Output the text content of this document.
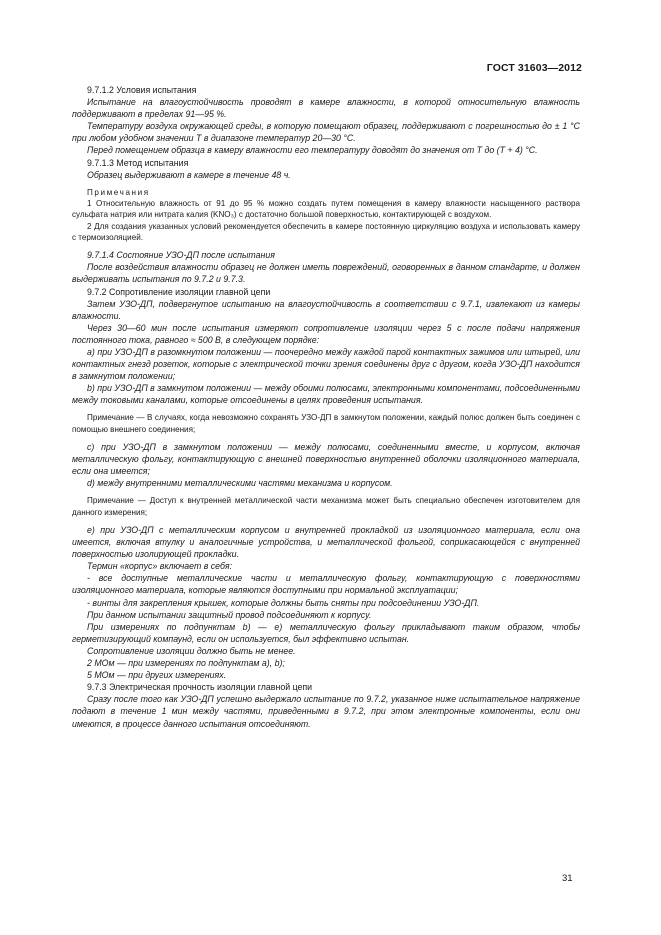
ГОСТ 31603—2012

9.7.1.2 Условия испытания

Испытание на влагоустойчивость проводят в камере влажности, в которой относительную влажность поддерживают в пределах 91—95 %.

Температуру воздуха окружающей среды, в которую помещают образец, поддерживают с погрешностью до ± 1 °С при любом удобном значении Т в диапазоне температур 20—30 °С.

Перед помещением образца в камеру влажности его температуру доводят до значения от Т до (Т + 4) °С.

9.7.1.3 Метод испытания

Образец выдерживают в камере в течение 48 ч.

Примечания

1 Относительную влажность от 91 до 95 % можно создать путем помещения в камеру влажности насыщенного раствора сульфата натрия или нитрата калия (KNO₃) с достаточно большой поверхностью, контактирующей с воздухом.

2 Для создания указанных условий рекомендуется обеспечить в камере постоянную циркуляцию воздуха и использовать камеру с термоизоляцией.

9.7.1.4 Состояние УЗО-ДП после испытания

После воздействия влажности образец не должен иметь повреждений, оговоренных в данном стандарте, и должен выдерживать испытания по 9.7.2 и 9.7.3.

9.7.2 Сопротивление изоляции главной цепи

Затем УЗО-ДП, подвергнутое испытанию на влагоустойчивость в соответствии с 9.7.1, извлекают из камеры влажности.

Через 30—60 мин после испытания измеряют сопротивление изоляции через 5 с после подачи напряжения постоянного тока, равного ≈ 500 В, в следующем порядке:

а) при УЗО-ДП в разомкнутом положении — поочередно между каждой парой контактных зажимов или штырей, или контактных гнезд розеток, которые с электрической точки зрения соединены друг с другом, когда УЗО-ДП находится в замкнутом положении;

b) при УЗО-ДП в замкнутом положении — между обоими полюсами, электронными компонентами, подсоединенными между токовыми каналами, которые отсоединены в целях проведения испытания.

Примечание — В случаях, когда невозможно сохранять УЗО-ДП в замкнутом положении, каждый полюс должен быть соединен с помощью внешнего соединения;

с) при УЗО-ДП в замкнутом положении — между полюсами, соединенными вместе, и корпусом, включая металлическую фольгу, контактирующую с внешней поверхностью внутренней оболочки изоляционного материала, если она имеется;

d) между внутренними металлическими частями механизма и корпусом.

Примечание — Доступ к внутренней металлической части механизма может быть специально обеспечен изготовителем для данного измерения;

е) при УЗО-ДП с металлическим корпусом и внутренней прокладкой из изоляционного материала, если она имеется, включая втулку и аналогичные устройства, и металлической фольгой, соприкасающейся с внутренней поверхностью изолирующей прокладки.

Термин «корпус» включает в себя:

- все доступные металлические части и металлическую фольгу, контактирующую с поверхностями изоляционного материала, которые являются доступными при нормальной эксплуатации;

- винты для закрепления крышек, которые должны быть сняты при подсоединении УЗО-ДП.

При данном испытании защитный провод подсоединяют к корпусу.

При измерениях по подпунктам b) — е) металлическую фольгу прикладывают таким образом, чтобы герметизирующий компаунд, если он используется, был эффективно испытан.

Сопротивление изоляции должно быть не менее.

2 МОм — при измерениях по подпунктам а), b);

5 МОм — при других измерениях.

9.7.3 Электрическая прочность изоляции главной цепи

Сразу после того как УЗО-ДП успешно выдержало испытание по 9.7.2, указанное ниже испытательное напряжение подают в течение 1 мин между частями, приведенными в 9.7.2, при этом электронные компоненты, если они имеются, в процессе данного испытания отсоединяют.

31
